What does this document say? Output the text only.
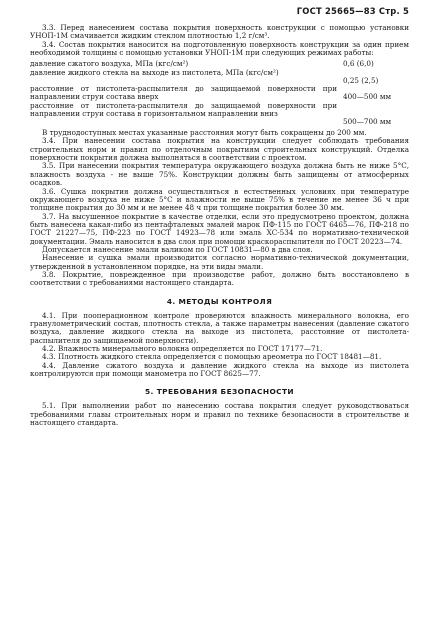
ГОСТ 25665—83 Стр. 5

3.3. Перед нанесением состава покрытия поверхность конструкции с помощью установки УНОП-1М смачивается жидким стеклом плотностью 1,2 г/см³.

3.4. Состав покрытия наносится на подготовленную поверхность конструкции за один прием необходимой толщины с помощью установки УНОП-1М при следующих режимах работы:

давление сжатого воздуха, МПа (кгс/см²)	0,6 (6,0)
давление жидкого стекла на выходе из пистолета, МПа (кгс/см²)
0,25 (2,5)
расстояние от пистолета-распылителя до защищаемой поверхности при направлении струи состава вверх	400—500 мм
расстояние от пистолета-распылителя до защищаемой поверхности при направлении струи состава в горизонтальном направлении вниз
500—700 мм

В труднодоступных местах указанные расстояния могут быть сокращены до 200 мм.

3.4. При нанесении состава покрытия на конструкции следует соблюдать требования строительных норм и правил по отделочным покрытиям строительных конструкций. Отделка поверхности покрытия должна выполняться в соответствии с проектом.

3.5. При нанесении покрытия температура окружающего воздуха должна быть не ниже 5°С, влажность воздуха - не выше 75%. Конструкции должны быть защищены от атмосферных осадков.

3.6. Сушка покрытия должна осуществляться в естественных условиях при температуре окружающего воздуха не ниже 5°С и влажности не выше 75% в течение не менее 36 ч при толщине покрытия до 30 мм и не менее 48 ч при толщине покрытия более 30 мм.

3.7. На высушенное покрытие в качестве отделки, если это предусмотрено проектом, должна быть нанесена какая-либо из пентафталевых эмалей марок ПФ-115 по ГОСТ 6465—76, ПФ-218 по ГОСТ 21227—75, ПФ-223 по ГОСТ 14923—78 или эмаль ХС-534 по нормативно-технической документации. Эмаль наносится в два слоя при помощи краскораспылителя по ГОСТ 20223—74.

Допускается нанесение эмали валиком по ГОСТ 10831—80 в два слоя.

Нанесение и сушка эмали производится согласно нормативно-технической документации, утвержденной в установленном порядке, на эти виды эмали.

3.8. Покрытие, поврежденное при производстве работ, должно быть восстановлено в соответствии с требованиями настоящего стандарта.

4. МЕТОДЫ КОНТРОЛЯ

4.1. При пооперационном контроле проверяются влажность минерального волокна, его гранулометрический состав, плотность стекла, а также параметры нанесения (давление сжатого воздуха, давление жидкого стекла на выходе из пистолета, расстояние от пистолета- распылителя до защищаемой поверхности).

4.2. Влажность минерального волокна определяется по ГОСТ 17177—71.

4.3. Плотность жидкого стекла определяется с помощью ареометра по ГОСТ 18481—81.

4.4. Давление сжатого воздуха и давление жидкого стекла на выходе из пистолета контролируются при помощи манометра по ГОСТ 8625—77.

5. ТРЕБОВАНИЯ БЕЗОПАСНОСТИ

5.1. При выполнении работ по нанесению состава покрытия следует руководствоваться требованиями главы строительных норм и правил по технике безопасности в строительстве и настоящего стандарта.
